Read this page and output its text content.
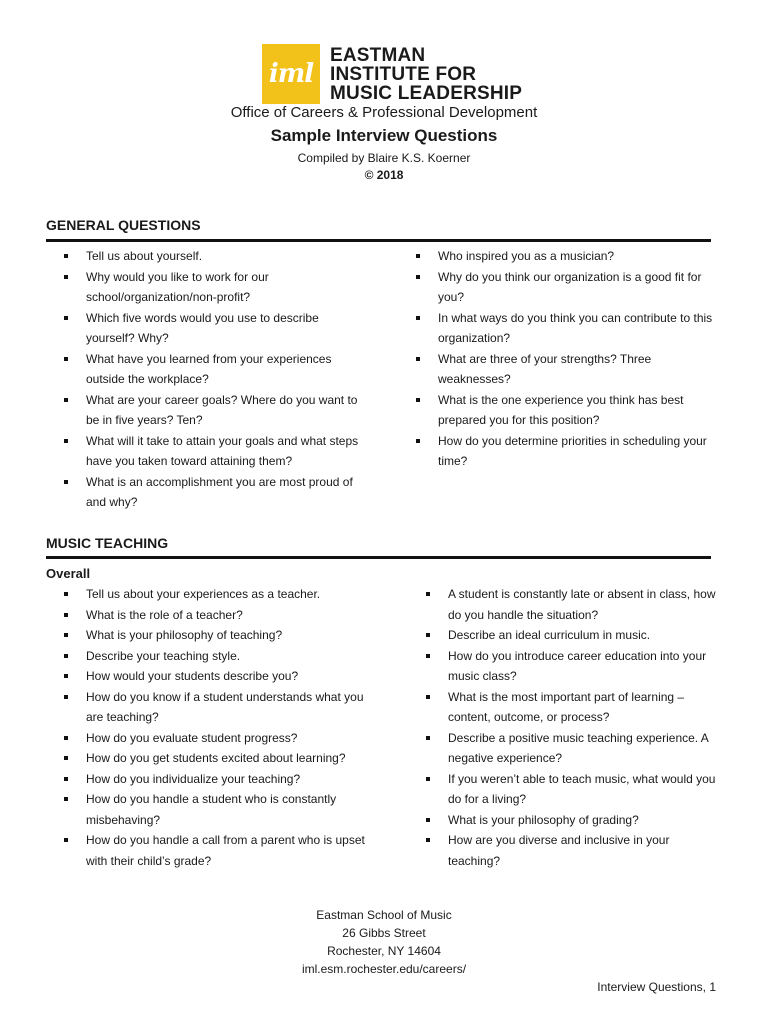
iml
EASTMAN
INSTITUTE FOR
MUSIC LEADERSHIP
Office of Careers & Professional Development
Sample Interview Questions
Compiled by Blaire K.S. Koerner
© 2018
GENERAL QUESTIONS
Tell us about yourself.
Why would you like to work for our school/organization/non-profit?
Which five words would you use to describe yourself? Why?
What have you learned from your experiences outside the workplace?
What are your career goals? Where do you want to be in five years? Ten?
What will it take to attain your goals and what steps have you taken toward attaining them?
What is an accomplishment you are most proud of and why?
Who inspired you as a musician?
Why do you think our organization is a good fit for you?
In what ways do you think you can contribute to this organization?
What are three of your strengths? Three weaknesses?
What is the one experience you think has best prepared you for this position?
How do you determine priorities in scheduling your time?
MUSIC TEACHING
Overall
Tell us about your experiences as a teacher.
What is the role of a teacher?
What is your philosophy of teaching?
Describe your teaching style.
How would your students describe you?
How do you know if a student understands what you are teaching?
How do you evaluate student progress?
How do you get students excited about learning?
How do you individualize your teaching?
How do you handle a student who is constantly misbehaving?
How do you handle a call from a parent who is upset with their child’s grade?
A student is constantly late or absent in class, how do you handle the situation?
Describe an ideal curriculum in music.
How do you introduce career education into your music class?
What is the most important part of learning – content, outcome, or process?
Describe a positive music teaching experience. A negative experience?
If you weren’t able to teach music, what would you do for a living?
What is your philosophy of grading?
How are you diverse and inclusive in your teaching?
Eastman School of Music
26 Gibbs Street
Rochester, NY 14604
iml.esm.rochester.edu/careers/
Interview Questions, 1
